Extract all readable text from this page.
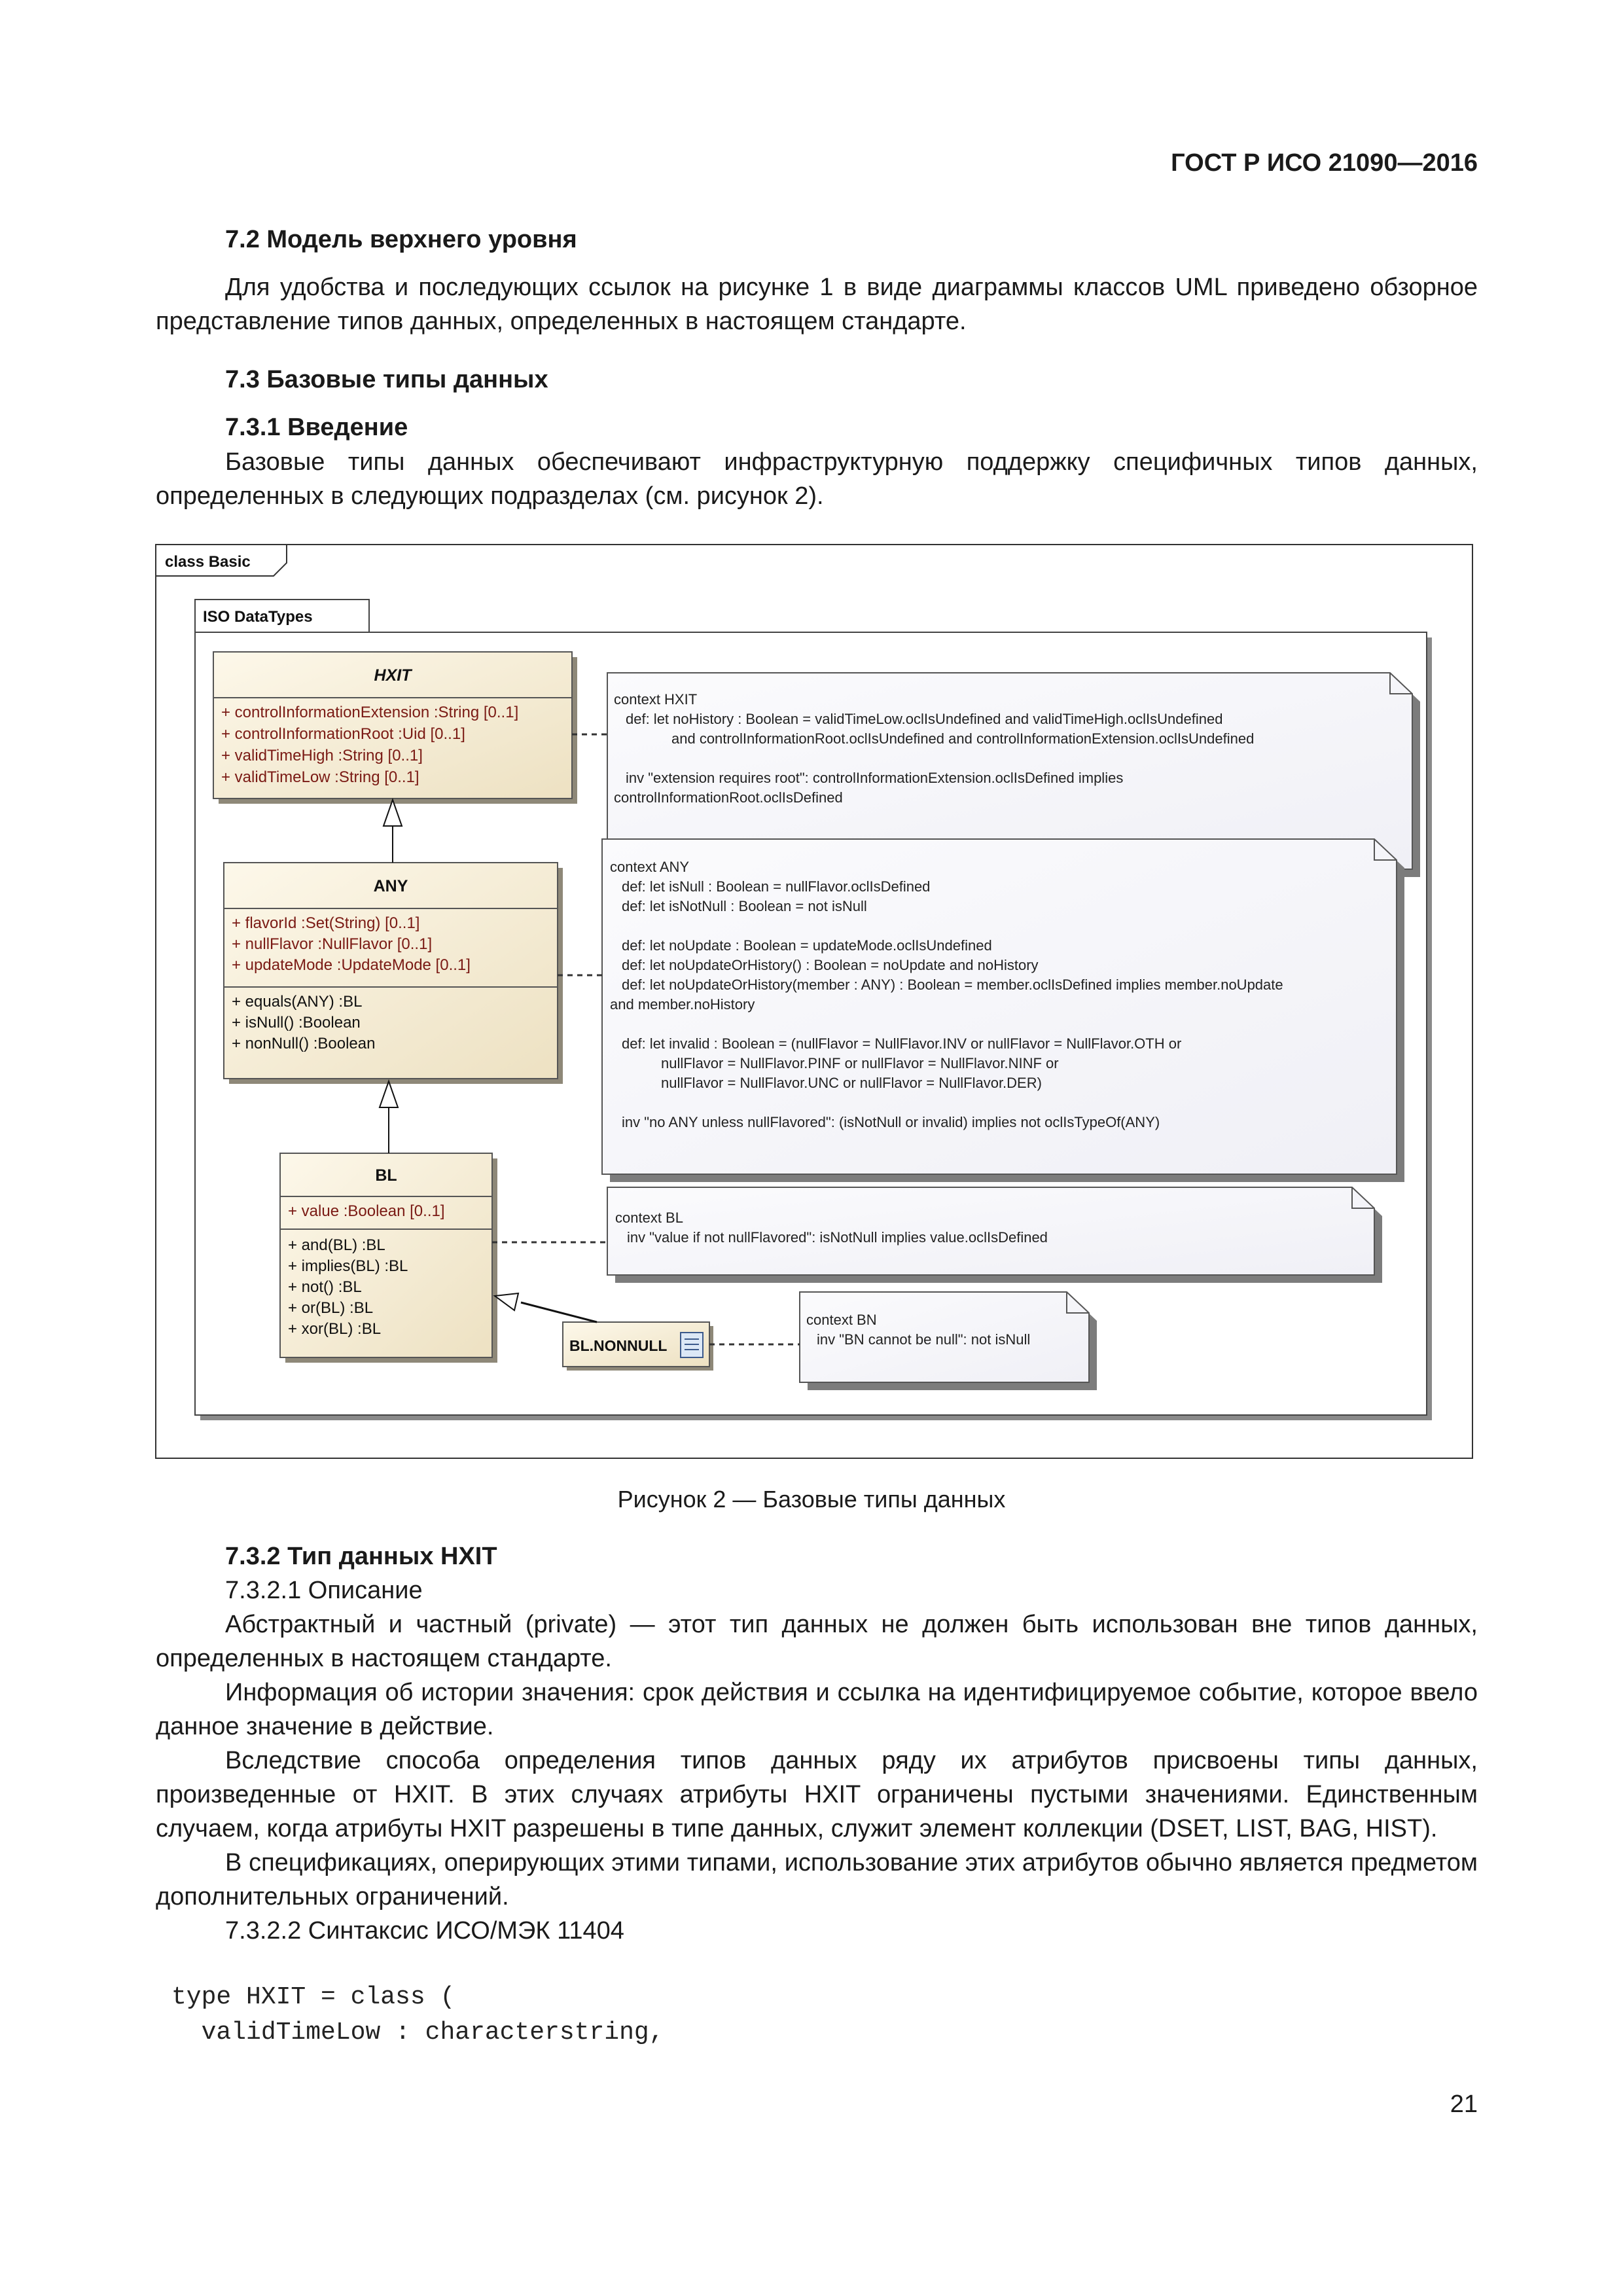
ГОСТ Р ИСО 21090—2016
7.2 Модель верхнего уровня
Для удобства и последующих ссылок на рисунке 1 в виде диаграммы классов UML приведено обзорное представление типов данных, определенных в настоящем стандарте.
7.3 Базовые типы данных
7.3.1 Введение
Базовые типы данных обеспечивают инфраструктурную поддержку специфичных типов данных, определенных в следующих подразделах (см. рисунок 2).
class Basic
ISO DataTypes
HXIT
+ controlInformationExtension :String [0..1]
+ controlInformationRoot :Uid [0..1]
+ validTimeHigh :String [0..1]
+ validTimeLow :String [0..1]
ANY
+ flavorId :Set(String) [0..1]
+ nullFlavor :NullFlavor [0..1]
+ updateMode :UpdateMode [0..1]
+ equals(ANY) :BL
+ isNull() :Boolean
+ nonNull() :Boolean
BL
+ value :Boolean [0..1]
+ and(BL) :BL
+ implies(BL) :BL
+ not() :BL
+ or(BL) :BL
+ xor(BL) :BL
BL.NONNULL
context HXIT
def: let noHistory : Boolean = validTimeLow.oclIsUndefined and validTimeHigh.oclIsUndefined
and controlInformationRoot.oclIsUndefined and controlInformationExtension.oclIsUndefined
inv "extension requires root": controlInformationExtension.oclIsDefined implies
controlInformationRoot.oclIsDefined
context ANY
def: let isNull : Boolean = nullFlavor.oclIsDefined
def: let isNotNull : Boolean = not isNull
def: let noUpdate : Boolean = updateMode.oclIsUndefined
def: let noUpdateOrHistory() : Boolean = noUpdate and noHistory
def: let noUpdateOrHistory(member : ANY) : Boolean = member.oclIsDefined implies member.noUpdate
and member.noHistory
def: let invalid : Boolean = (nullFlavor = NullFlavor.INV or nullFlavor = NullFlavor.OTH or
nullFlavor = NullFlavor.PINF or nullFlavor = NullFlavor.NINF or
nullFlavor = NullFlavor.UNC or nullFlavor = NullFlavor.DER)
inv "no ANY unless nullFlavored": (isNotNull or invalid) implies not oclIsTypeOf(ANY)
context BL
inv "value if not nullFlavored": isNotNull implies value.oclIsDefined
context BN
inv "BN cannot be null": not isNull
Рисунок 2 — Базовые типы данных
7.3.2 Тип данных HXIT
7.3.2.1 Описание
Абстрактный и частный (private) — этот тип данных не должен быть использован вне типов данных, определенных в настоящем стандарте.
Информация об истории значения: срок действия и ссылка на идентифицируемое событие, которое ввело данное значение в действие.
Вследствие способа определения типов данных ряду их атрибутов присвоены типы данных, произведенные от HXIT. В этих случаях атрибуты HXIT ограничены пустыми значениями. Единственным случаем, когда атрибуты HXIT разрешены в типе данных, служит элемент коллекции (DSET, LIST, BAG, HIST).
В спецификациях, оперирующих этими типами, использование этих атрибутов обычно является предметом дополнительных ограничений.
7.3.2.2 Синтаксис ИСО/МЭК 11404
type HXIT = class (
validTimeLow : characterstring,
21
